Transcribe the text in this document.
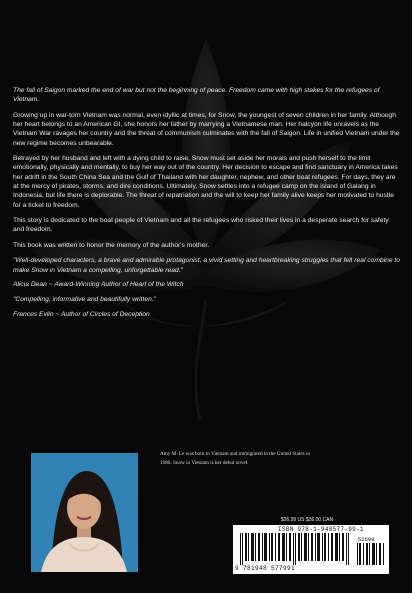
The fall of Saigon marked the end of war but not the beginning of peace. Freedom came with high stakes for the refugees of Vietnam.

Growing up in war-torn Vietnam was normal, even idyllic at times, for Snow, the youngest of seven children in her family. Although her heart belongs to an American GI, she honors her father by marrying a Vietnamese man. Her halcyon life unravels as the Vietnam War ravages her country and the threat of communism culminates with the fall of Saigon. Life in unified Vietnam under the new regime becomes unbearable.

Betrayed by her husband and left with a dying child to raise, Snow must set aside her morals and push herself to the limit emotionally, physically and mentally, to buy her way out of the country. Her decision to escape and find sanctuary in America takes her adrift in the South China Sea and the Gulf of Thailand with her daughter, nephew, and other boat refugees. For days, they are at the mercy of pirates, storms, and dire conditions. Ultimately, Snow settles into a refugee camp on the island of Galang in Indonesia, but life there is deplorable. The threat of repatriation and the will to keep her family alive keeps her motivated to hustle for a ticket to freedom.

This story is dedicated to the boat people of Vietnam and all the refugees who risked their lives in a desperate search for safety and freedom.

This book was written to honor the memory of the author's mother.

"Well-developed characters, a brave and admirable protagonist, a vivid setting and heartbreaking struggles that felt real combine to make Snow in Vietnam a compelling, unforgettable read."

Alicia Dean ~ Award-Winning Author of Heart of the Witch

"Compelling, informative and beautifully written."

Frances Evlin ~ Author of Circles of Deception

Amy M. Le was born in Vietnam and immigrated to the United States in 1980. Snow in Vietnam is her debut novel.
$26.99 US $36.00 CAN
ISBN 978-1-948577-99-1
52699
9 781948 577991
